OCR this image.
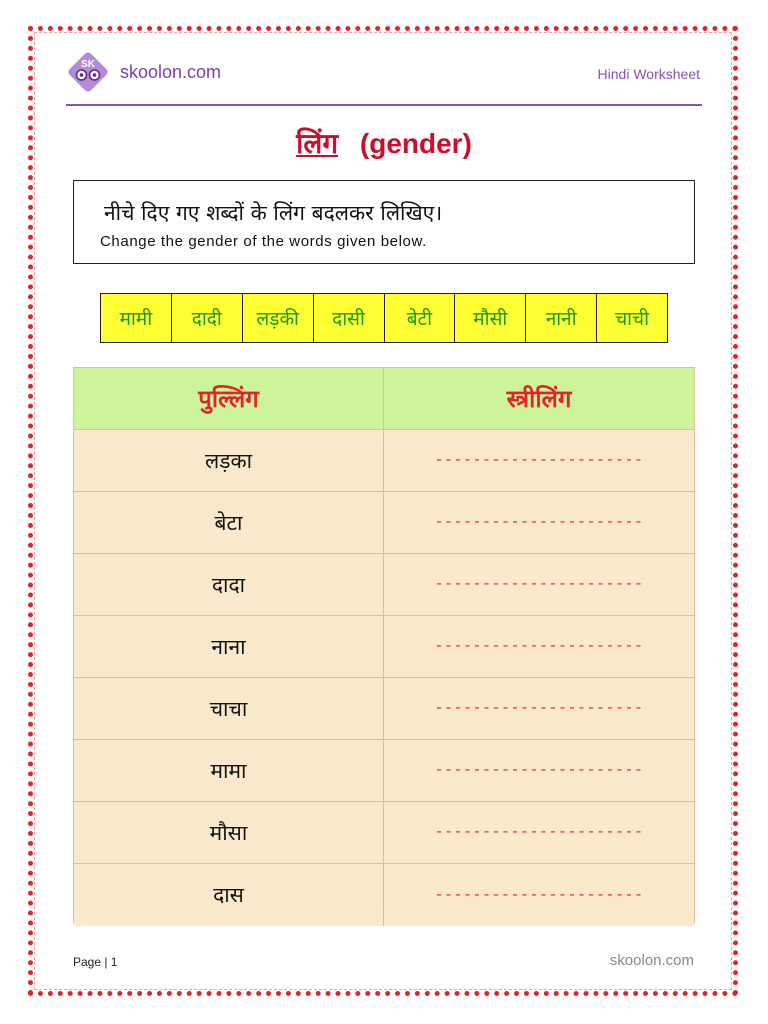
SK skoolon.com	Hindi Worksheet
लिंग (gender)
नीचे दिए गए शब्दों के लिंग बदलकर लिखिए।
Change the gender of the words given below.
मामी	दादी	लड़की	दासी	बेटी	मौसी	नानी	चाची
पुल्लिंग	स्त्रीलिंग
लड़का	----------------------
बेटा	----------------------
दादा	----------------------
नाना	----------------------
चाचा	----------------------
मामा	----------------------
मौसा	----------------------
दास	----------------------
Page | 1	skoolon.com
